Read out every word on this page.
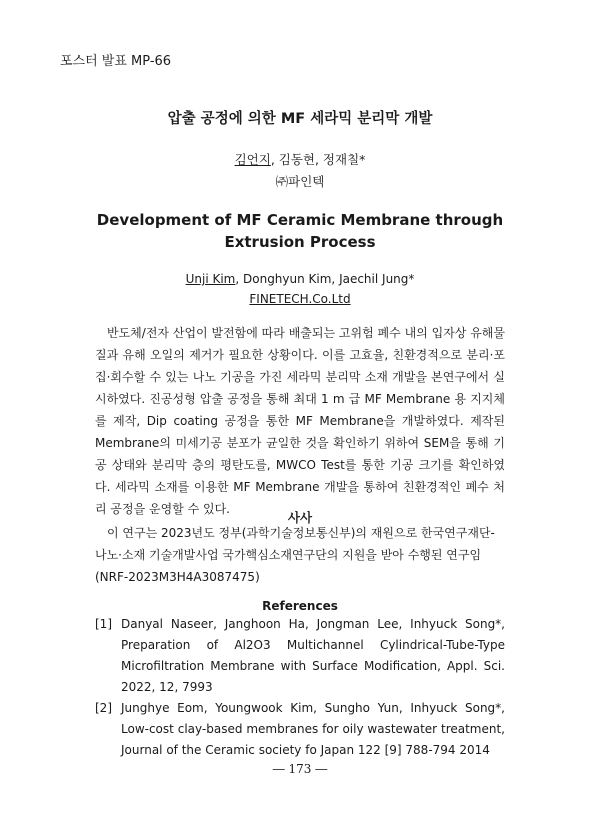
포스터 발표 MP-66
압출 공정에 의한 MF 세라믹 분리막 개발
김언지, 김동현, 정재칠*
㈜파인텍
Development of MF Ceramic Membrane through Extrusion Process
Unji Kim, Donghyun Kim, Jaechil Jung*
FINETECH.Co.Ltd

반도체/전자 산업이 발전함에 따라 배출되는 고위험 폐수 내의 입자상 유해물질과 유해 오일의 제거가 필요한 상황이다. 이를 고효율, 친환경적으로 분리·포집·회수할 수 있는 나노 기공을 가진 세라믹 분리막 소재 개발을 본연구에서 실시하였다. 진공성형 압출 공정을 통해 최대 1 m 급 MF Membrane 용 지지체를 제작, Dip coating 공정을 통한 MF Membrane을 개발하였다. 제작된 Membrane의 미세기공 분포가 균일한 것을 확인하기 위하여 SEM을 통해 기공 상태와 분리막 층의 평탄도를, MWCO Test를 통한 기공 크기를 확인하였다. 세라믹 소재를 이용한 MF Membrane 개발을 통하여 친환경적인 폐수 처리 공정을 운영할 수 있다.

사사

이 연구는 2023년도 정부(과학기술정보통신부)의 재원으로 한국연구재단-나노·소재 기술개발사업 국가핵심소재연구단의 지원을 받아 수행된 연구임 (NRF-2023M3H4A3087475)

References
[1] Danyal Naseer, Janghoon Ha, Jongman Lee, Inhyuck Song*, Preparation of Al2O3 Multichannel Cylindrical-Tube-Type Microfiltration Membrane with Surface Modification, Appl. Sci. 2022, 12, 7993
[2] Junghye Eom, Youngwook Kim, Sungho Yun, Inhyuck Song*, Low-cost clay-based membranes for oily wastewater treatment, Journal of the Ceramic society fo Japan 122 [9] 788-794 2014
― 173 ―
